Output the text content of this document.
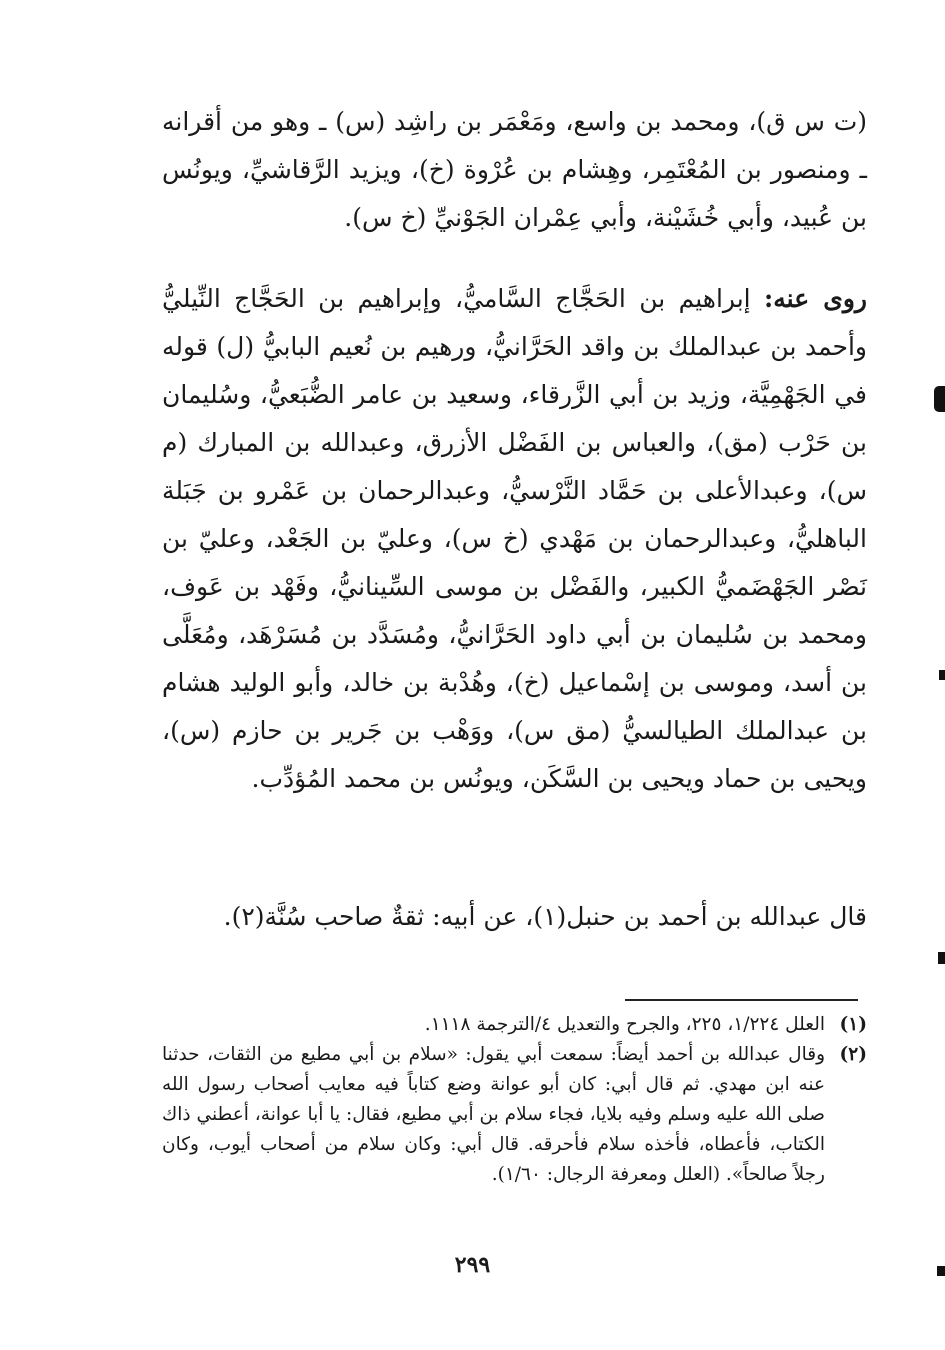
(ت س ق)، ومحمد بن واسع، ومَعْمَر بن راشِد (س) ـ وهو من أقرانه ـ ومنصور بن المُعْتَمِر، وهِشام بن عُرْوة (خ)، ويزيد الرَّقاشيِّ، ويونُس بن عُبيد، وأبي خُشَيْنة، وأبي عِمْران الجَوْنيِّ (خ س).

روى عنه: إبراهيم بن الحَجَّاج السَّاميُّ، وإبراهيم بن الحَجَّاج النِّيليُّ وأحمد بن عبدالملك بن واقد الحَرَّانيُّ، ورهيم بن نُعيم البابيُّ (ل) قوله في الجَهْمِيَّة، وزيد بن أبي الزَّرقاء، وسعيد بن عامر الضُّبَعيُّ، وسُليمان بن حَرْب (مق)، والعباس بن الفَضْل الأزرق، وعبدالله بن المبارك (م س)، وعبدالأعلى بن حَمَّاد النَّرْسيُّ، وعبدالرحمان بن عَمْرو بن جَبَلة الباهليُّ، وعبدالرحمان بن مَهْدي (خ س)، وعليّ بن الجَعْد، وعليّ بن نَصْر الجَهْضَميُّ الكبير، والفَضْل بن موسى السِّينانيُّ، وفَهْد بن عَوف، ومحمد بن سُليمان بن أبي داود الحَرَّانيُّ، ومُسَدَّد بن مُسَرْهَد، ومُعَلَّى بن أسد، وموسى بن إسْماعيل (خ)، وهُدْبة بن خالد، وأبو الوليد هشام بن عبدالملك الطيالسيُّ (مق س)، ووَهْب بن جَرير بن حازم (س)، ويحيى بن حماد ويحيى بن السَّكَن، ويونُس بن محمد المُؤدِّب.

قال عبدالله بن أحمد بن حنبل(١)، عن أبيه: ثقةٌ صاحب سُنَّة(٢).

(١)
العلل ١/٢٢٤، ٢٢٥، والجرح والتعديل ٤/الترجمة ١١١٨.

(٢)
وقال عبدالله بن أحمد أيضاً: سمعت أبي يقول: «سلام بن أبي مطيع من الثقات، حدثنا عنه ابن مهدي. ثم قال أبي: كان أبو عوانة وضع كتاباً فيه معايب أصحاب رسول الله صلى الله عليه وسلم وفيه بلايا، فجاء سلام بن أبي مطيع، فقال: يا أبا عوانة، أعطني ذاك الكتاب، فأعطاه، فأخذه سلام فأحرقه. قال أبي: وكان سلام من أصحاب أيوب، وكان رجلاً صالحاً». (العلل ومعرفة الرجال: ١/٦٠).

٢٩٩
